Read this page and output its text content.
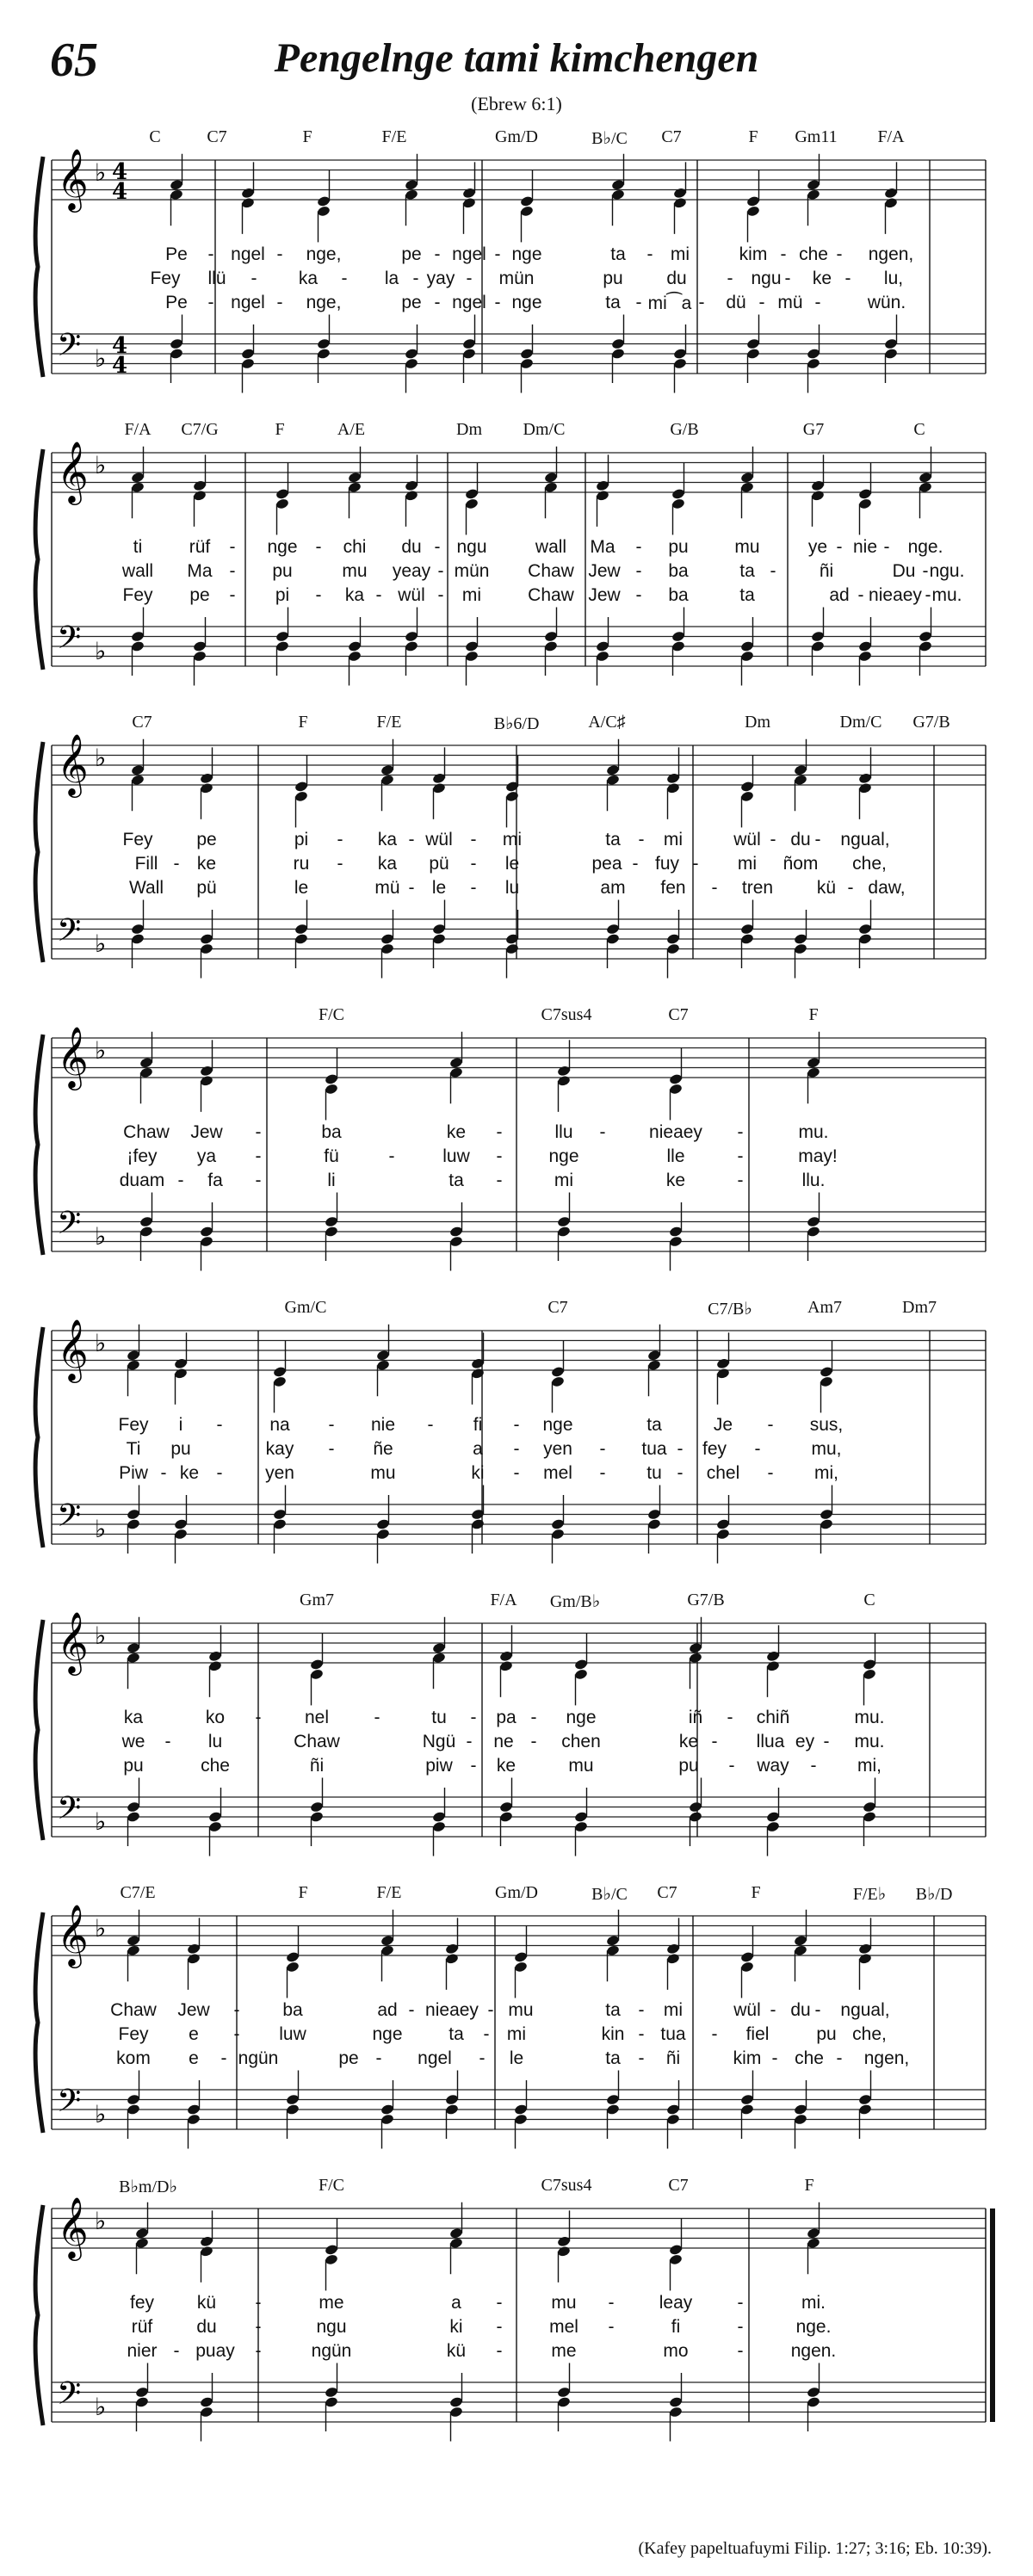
65	Pengelnge tami kimchengen
(Ebrew 6:1)
𝄞
𝄢
♭
♭
4
4
4
4
C	C7	F	F/E	Gm/D	B♭/C C7	F Gm11 F/A
Pe - ngel - nge,	pe - ngel - nge	ta - mi	kim - che - ngen,
Fey llü - ka - la - yay - mün	pu du - ngu - ke - lu,
Pe - ngel - nge,	pe - ngel - nge	ta - mi⁀a - dü - mü -	wün.
𝄞
𝄢
♭
♭
F/A C7/G	F	A/E	Dm Dm/C	G/B	G7	C
ti	rüf - nge - chi du - ngu	wall Ma - pu	mu	ye - nie - nge.
wall Ma - pu	mu yeay - mün Chaw Jew - ba	ta - ñi	Du - ngu.
Fey pe - pi - ka - wül - mi	Chaw Jew - ba	ta	ad - nieaey - mu.
𝄞
𝄢
♭
♭
C7	F	F/E	B♭6/D	A/C♯	Dm	Dm/C G7/B
Fey pe	pi - ka - wül - mi	ta - mi	wül - du - ngual,
Fill - ke	ru - ka pü - le	pea - fuy - mi ñom che,
Wall pü	le	mü - le - lu	am fen - tren kü - daw,
𝄞
𝄢
♭
♭
F/C	C7sus4	C7	F
Chaw Jew -	ba	ke -	llu - nieaey -	mu.
¡fey ya -	fü	-	luw -	nge	lle	-	may!
duam - fa -	li	ta -	mi	ke	-	llu.
𝄞
𝄢
♭
♭
Gm/C	C7	C7/B♭	Am7	Dm7
Fey i -	na - nie - fi - nge	ta	Je - sus,
Ti pu	kay - ñe	a - yen - tua - fey -	mu,
Piw - ke - yen	mu	ki - mel - tu - chel - mi,
𝄞
𝄢
♭
♭
Gm7	F/A Gm/B♭	G7/B	C
ka	ko - nel -	tu - pa - nge	iñ - chiñ	mu.
we - lu	Chaw	Ngü - ne - chen	ke - llua ey - mu.
pu	che	ñi	piw - ke	mu	pu - way - mi,
𝄞
𝄢
♭
♭
C7/E	F	F/E	Gm/D	B♭/C C7	F	F/E♭ B♭/D
Chaw Jew - ba	ad - nieaey - mu	ta - mi	wül - du - ngual,
Fey e - luw	nge	ta - mi	kin - tua - fiel	pu che,
kom e - ngün	pe - ngel - le	ta - ñi	kim - che - ngen,
𝄞
𝄢
♭
♭
B♭m/D♭	F/C	C7sus4	C7	F
fey kü -	me	a -	mu - leay -	mi.
rüf du -	ngu	ki -	mel -	fi	-	nge.
nier - puay -	ngün	kü -	me	mo	-	ngen.
(Kafey papeltuafuymi Filip. 1:27; 3:16; Eb. 10:39).
